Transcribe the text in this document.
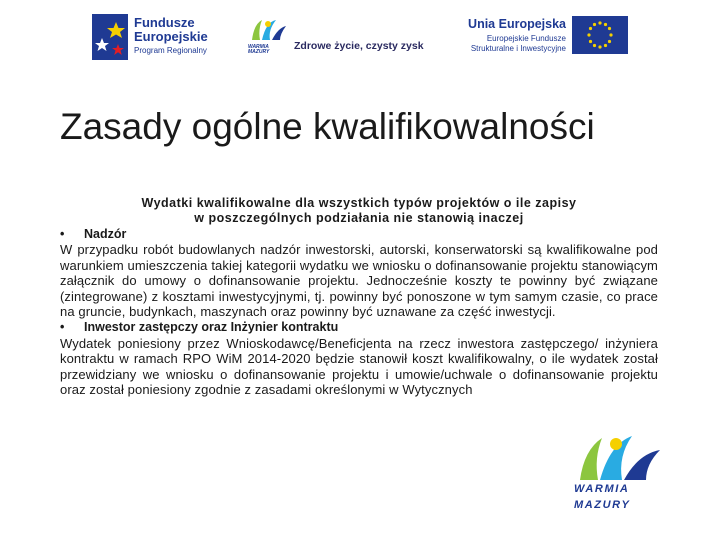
Fundusze
Europejskie
Program Regionalny	WARMIA
MAZURY Zdrowe życie, czysty zysk
Unia Europejska
Europejskie Fundusze
Strukturalne i Inwestycyjne
Zasady ogólne kwalifikowalności
Wydatki kwalifikowalne dla wszystkich typów projektów o ile zapisy
w poszczególnych podziałania nie stanowią inaczej
•	Nadzór

W przypadku robót budowlanych nadzór inwestorski, autorski, konserwatorski są kwalifikowalne pod warunkiem umieszczenia takiej kategorii wydatku we wniosku o dofinansowanie projektu stanowiącym załącznik do umowy o dofinansowanie projektu. Jednocześnie koszty te powinny być związane (zintegrowane) z kosztami inwestycyjnymi, tj. powinny być ponoszone w tym samym czasie, co prace na gruncie, budynkach, maszynach oraz powinny być uznawane za część inwestycji.

•	Inwestor zastępczy oraz Inżynier kontraktu

Wydatek poniesiony przez Wnioskodawcę/Beneficjenta na rzecz inwestora zastępczego/ inżyniera kontraktu w ramach RPO WiM 2014-2020 będzie stanowił koszt kwalifikowalny, o ile wydatek został przewidziany we wniosku o dofinansowanie projektu i umowie/uchwale o dofinansowanie projektu oraz został poniesiony zgodnie z zasadami określonymi w Wytycznych

WARMIA
MAZURY
